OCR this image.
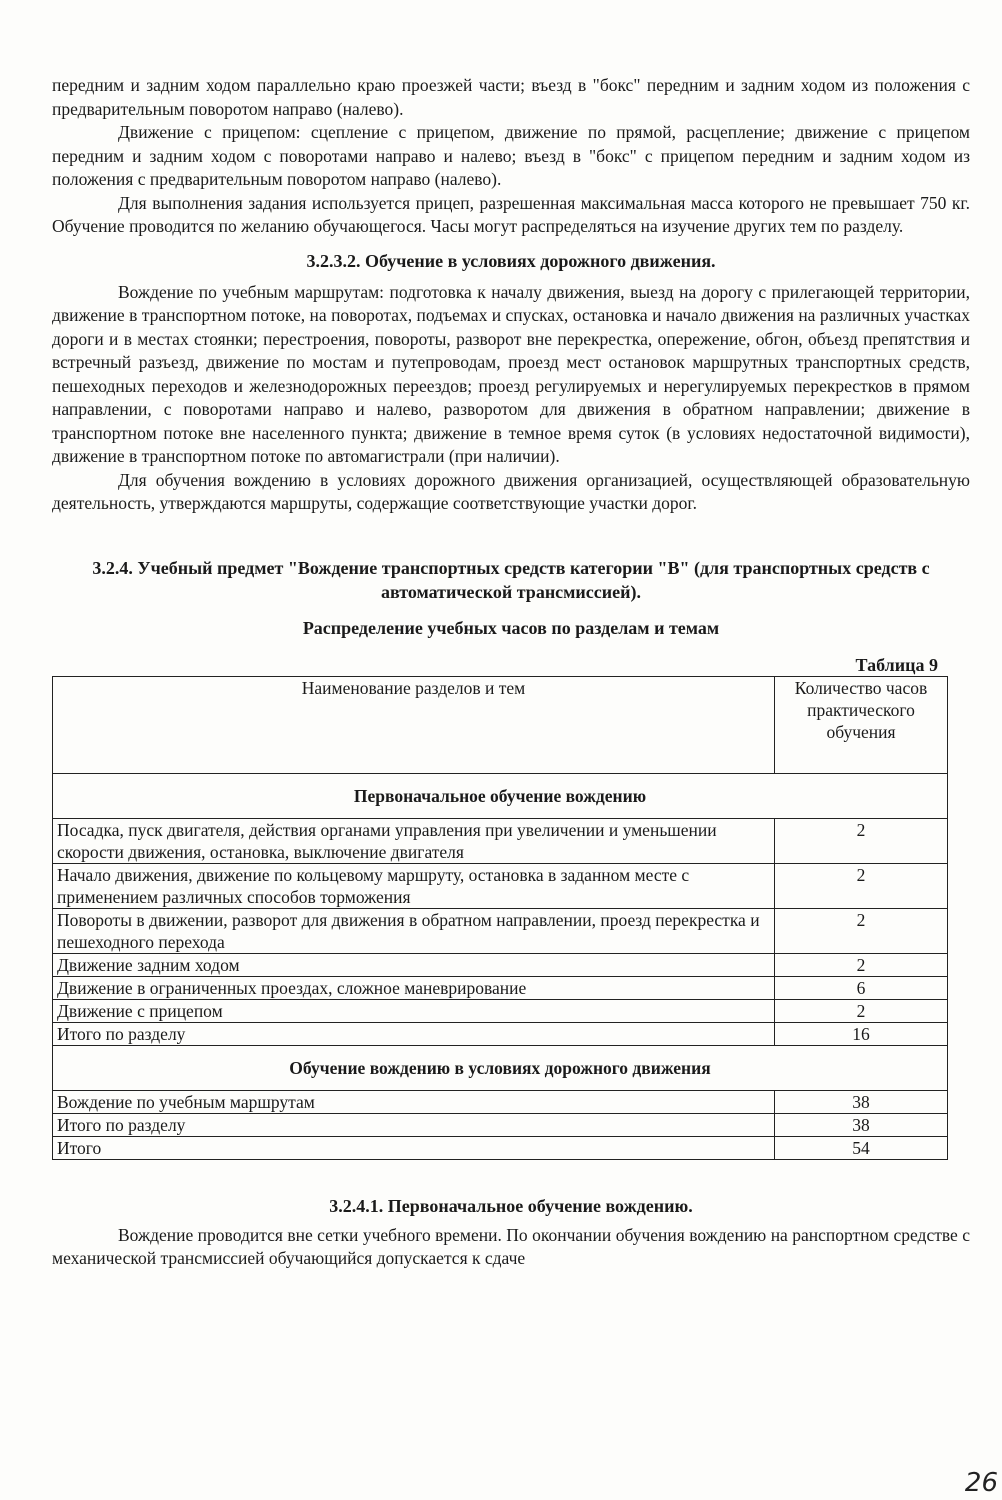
передним и задним ходом параллельно краю проезжей части; въезд в "бокс" передним и задним ходом из положения с предварительным поворотом направо (налево).

Движение с прицепом: сцепление с прицепом, движение по прямой, расцепление; движение с прицепом передним и задним ходом с поворотами направо и налево; въезд в "бокс" с прицепом передним и задним ходом из положения с предварительным поворотом направо (налево).

Для выполнения задания используется прицеп, разрешенная максимальная масса которого не превышает 750 кг. Обучение проводится по желанию обучающегося. Часы могут распределяться на изучение других тем по разделу.

3.2.3.2. Обучение в условиях дорожного движения.

Вождение по учебным маршрутам: подготовка к началу движения, выезд на дорогу с прилегающей территории, движение в транспортном потоке, на поворотах, подъемах и спусках, остановка и начало движения на различных участках дороги и в местах стоянки; перестроения, повороты, разворот вне перекрестка, опережение, обгон, объезд препятствия и встречный разъезд, движение по мостам и путепроводам, проезд мест остановок маршрутных транспортных средств, пешеходных переходов и железнодорожных переездов; проезд регулируемых и нерегулируемых перекрестков в прямом направлении, с поворотами направо и налево, разворотом для движения в обратном направлении; движение в транспортном потоке вне населенного пункта; движение в темное время суток (в условиях недостаточной видимости), движение в транспортном потоке по автомагистрали (при наличии).

Для обучения вождению в условиях дорожного движения организацией, осуществляющей образовательную деятельность, утверждаются маршруты, содержащие соответствующие участки дорог.

3.2.4. Учебный предмет "Вождение транспортных средств категории "B" (для транспортных средств с автоматической трансмиссией).
Распределение учебных часов по разделам и темам
Таблица 9
Наименование разделов и тем	Количество часов практического обучения
Первоначальное обучение вождению	
Посадка, пуск двигателя, действия органами управления при увеличении и уменьшении скорости движения, остановка, выключение двигателя	2
Начало движения, движение по кольцевому маршруту, остановка в заданном месте с применением различных способов торможения	2
Повороты в движении, разворот для движения в обратном направлении, проезд перекрестка и пешеходного перехода	2
Движение задним ходом	2
Движение в ограниченных проездах, сложное маневрирование	6
Движение с прицепом	2
Итого по разделу	16
Обучение вождению в условиях дорожного движения	
Вождение по учебным маршрутам	38
Итого по разделу	38
Итого	54
3.2.4.1. Первоначальное обучение вождению.

Вождение проводится вне сетки учебного времени. По окончании обучения вождению на ранспортном средстве с механической трансмиссией обучающийся допускается к сдаче

26
